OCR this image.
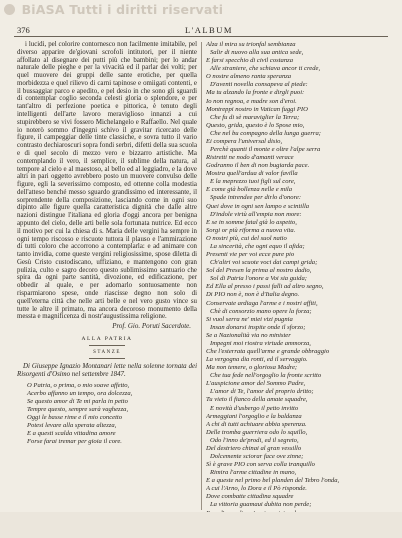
BiASA Tutti i diritti riservati
376	L'ALBUM

i lucidi, pel colorire contornesco non facilmente imitabile, pel diverso apparire de'giovani scrofoli intitutori, per il niente affollato al disegnare dei putti più che bambini; per lo andar naturale delle pieghe e per la vivacità ed il parlar dei volti; per quel muovere dei gruppi delle sante erotiche, per quella morbidezza e quel rilievo di carni tapinose e omiigati contenti, e il bussaggiar parco e apedito, e pel desio in che sono gli sguardi di contemplar coglio seconda celesti gloria o splendore, e per tant'altro di perfezione poetica e pittorica, è tenuto degli intelligenti dell'arte lavoro meraviglioso innanzi a cui stupirebbero se vivi fossero Michelangelo e Raffaello. Nel quale io noterò sommo d'ingegni schivo il gravitar ricercato delle figure, il campeggiar delle tinte classiche, e sovra tutto il vario contrasto dechiaroscuri sopra fondi serbri, difetti della sua scuola e di quel secolo di mezzo vero e bizzarro artistiche. Ma contemplando il vero, il semplice, il sublime della natura, al tempore al cielo e al maestoso, al bello ed al leggiadro, e la dove altri in pari oggetto avrebbero posto un muovere convulso delle figure, egli la severissimo composto, ed ottenne colla modestia dell'atteso benché messo sguardo grandissimo ed interessante, il sorprendente della composizione, lasciando come in ogni suo dipinto alle figure quella caratteristica dignità che dalle altre nazioni distingue l'italiana ed gloria d'oggi ancora per benigna appunto del cielo, delle arti belle sola fortunata nutrice. Ed ecco il motivo per cui la chiesa di s. Maria delle vergini ha sempre in ogni tempo riscosso e riscuote tuttora il plauso e l'ammirazione di tutti coloro che accorrono a contemplarla: e ad animare con tanto invidia, come queste vergini religiosissime, spose diletta di Gesù Cristo custodiscano, uffiziano, e mantengono con gran pulizia, culto e sagro decoro questo sublimissimo santuario che spira da ogni parte santità, divozione, ed edificazione, per obbedir al quale, e per adornarlo sontuosamente non risparmiarono spese, onde riascisse degno non solo di quell'eterna città che nelle arti belle e nel vero gusto vince su tutte le altre il primato, ma ancora decoroso monumento della messta e magnificenza di nostr'augustissima religione.

Prof. Gio. Poruti Sacerdote.
ALLA PATRIA
STANZE

Di Giuseppe Ignazio Montanari lette nella solenne tornata dei Risorgenti d'Osimo nel settembre 1847.

O Patria, o prima, o mio soave affetto,

Acerbo affanno un tempo, ora dolcezza,

Se questo amor di Te mi parla in petto

Tempre questo, sempre sarà vaghezza,

Oggi le basse rime e il mio concetto

Potesi levare alla sperata altezza,

E a questi scalda vittadina amore

Forse farai tremar per gioia il core.

Alza il mira su trionfal sembianza

Salir di nuovo alla sua antica sede,

E farsi specchio di civil costanza

Alle straniere, che schiava ancor ti crede,

O nostre almeno ranta speranza

D'aventi novella consapeva al piede:

Ma tu alzando la fronte e dirgli puoi:

Io non regnoa, e madre son d'eroi.

Montreppi nostro in Vatican fuggi PIO

Che fu di sè maraviglier la Terra;

Questo, grida, questo è lo Spose mio,

Che nel bu compagno della lunga guerra;

Ei compera l'universal disio,

Perchè quanti il monte e oltre l'alpe serra

Ristretti ne nodo d'amanti verace

Godranno il ben di non bugiarda pace.

Mostra quell'ardua di valor favilla

E la meprezzo tuoi figli sul core,

E come già bollenza nelle e mila

Spade intrendee per dirlo d'onore:

Quei dove in ogni sen lampo e scintilla

D'indole virtù all'empia non more:

E se in somme fatal già lo aspetto,

Sorgi or più riforma a nuova vita.

O nostri più, cui del suol natio

La sincerità, che ogni equo il afida;

Presenti vie per voi ecce pure pio

Ch'altri voi scuote voci dai campi grida;

Sol del Presen la prima al nostro dadio,

Sol di Patria l'onore a Voi sia guida;

Ed Ella al presso i passi falli ad altro segno,

Di PIO non è, non è d'Italia degno.

Conservate ardiaga l'arme e i nostri affiti,

Chè di consorzio mano opere la forza;

Si vuol serra ne' miei vizi pugnia

Insan donarsi inspite onde il sforzo;

Se a Nazionalità via no minister

Impegni moi riostra virtude ammorza,

Che l'esterrata quell'arme e grande obbraggio

La vergogna dia ronti, ed il servaggio.

Ma non temere, o gloriosa Madre;

Che tua fede nell'orgoglio la fronte scritto

L'auspicione amor del Sommo Padre,

L'amor di Te, l'amor del proprio dritto;

Tu vieto il fianco della amate squadre,

E novità d'usbergo il petto invitto

Armeggiani l'orgoglio e la baldanza

A chi di tutti achiuare abbia sperenza.

Delle tromba guerriera odo lo squillo,

Odo l'inno de'prodi, ed il segreto,

Del destriero chinai al gran vessillo

Dolcemente sciorar face ove zinne;

Sì è grave PIO con serva colla tranquillo

Rimira l'arme cittadine in mano,

E a queste nel primo bel planden del Tebro l'onda,

A cui l'Arno, lo Dora e il Pò risponde.

Dove combatte cittadina squadre

La vittoria guamaui dubita non perde;
